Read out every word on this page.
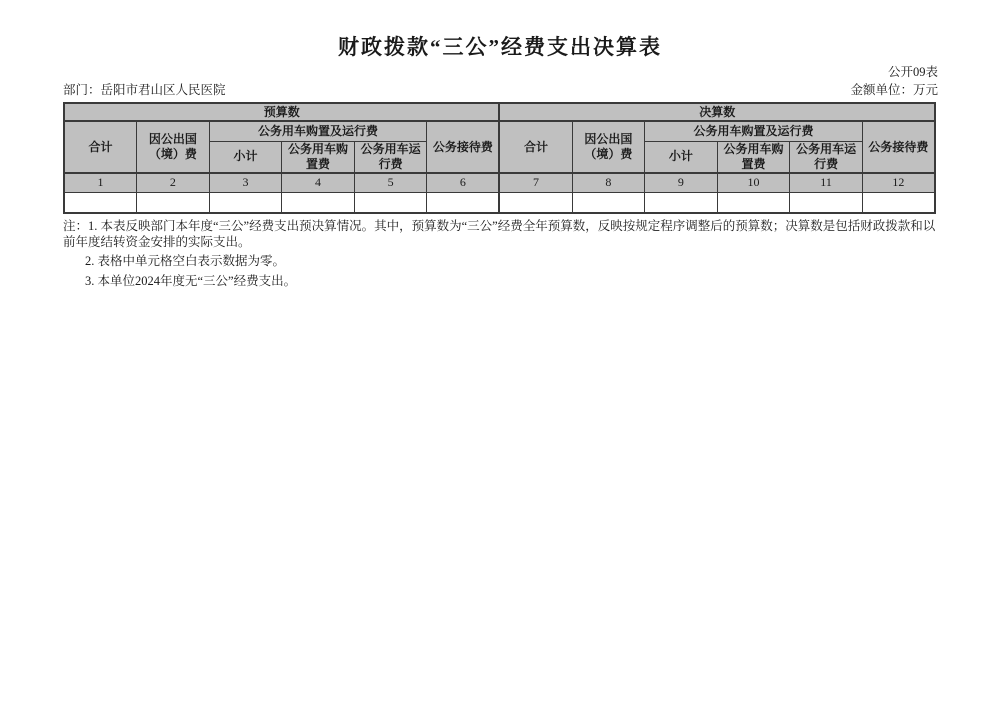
财政拨款“三公”经费支出决算表
公开09表
部门：岳阳市君山区人民医院	金额单位：万元
预算数						决算数					
合计	因公出国（境）费	公务用车购置及运行费			公务接待费	合计	因公出国（境）费	公务用车购置及运行费			公务接待费
		小计	公务用车购置费	公务用车运行费				小计	公务用车购置费	公务用车运行费	
1	2	3	4	5	6	7	8	9	10	11	12

注：1. 本表反映部门本年度“三公”经费支出预决算情况。其中，预算数为“三公”经费全年预算数，反映按规定程序调整后的预算数；决算数是包括财政拨款和以前年度结转资金安排的实际支出。

2. 表格中单元格空白表示数据为零。

3. 本单位2024年度无“三公”经费支出。
